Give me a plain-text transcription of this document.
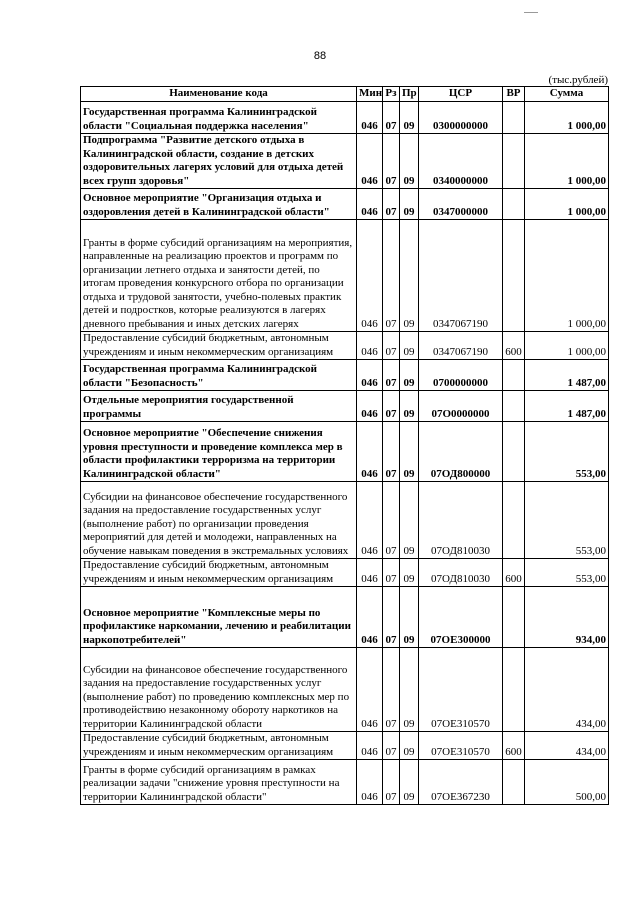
88
(тыс.рублей)
Наименование кода	Мин	Рз	Пр	ЦСР	ВР	Сумма
Государственная программа Калининградской области "Социальная поддержка населения"	046	07	09	0300000000		1 000,00
Подпрограмма "Развитие детского отдыха в Калининградской области, создание в детских оздоровительных лагерях условий для отдыха детей всех групп здоровья"	046	07	09	0340000000		1 000,00
Основное мероприятие "Организация отдыха и оздоровления детей в Калининградской области"	046	07	09	0347000000		1 000,00
Гранты в форме субсидий организациям на мероприятия, направленные на реализацию проектов и программ по организации летнего отдыха и занятости детей, по итогам проведения конкурсного отбора по организации отдыха и трудовой занятости, учебно-полевых практик детей и подростков, которые реализуются в лагерях дневного пребывания и иных детских лагерях	046	07	09	0347067190		1 000,00
Предоставление субсидий бюджетным, автономным учреждениям и иным некоммерческим организациям	046	07	09	0347067190	600	1 000,00
Государственная программа Калининградской области "Безопасность"	046	07	09	0700000000		1 487,00
Отдельные мероприятия государственной программы	046	07	09	07О0000000		1 487,00
Основное мероприятие "Обеспечение снижения уровня преступности и проведение комплекса мер в области профилактики терроризма на территории Калининградской области"	046	07	09	07ОД800000		553,00
Субсидии на финансовое обеспечение государственного задания на предоставление государственных услуг (выполнение работ) по организации проведения мероприятий для детей и молодежи, направленных на обучение навыкам поведения в экстремальных условиях	046	07	09	07ОД810030		553,00
Предоставление субсидий бюджетным, автономным учреждениям и иным некоммерческим организациям	046	07	09	07ОД810030	600	553,00
Основное мероприятие "Комплексные меры по профилактике наркомании, лечению и реабилитации наркопотребителей"	046	07	09	07ОЕ300000		934,00
Субсидии на финансовое обеспечение государственного задания на предоставление государственных услуг (выполнение работ) по проведению комплексных мер по противодействию незаконному обороту наркотиков на территории Калининградской области	046	07	09	07ОЕ310570		434,00
Предоставление субсидий бюджетным, автономным учреждениям и иным некоммерческим организациям	046	07	09	07ОЕ310570	600	434,00
Гранты в форме субсидий организациям в рамках реализации задачи "снижение уровня преступности на территории Калининградской области"	046	07	09	07ОЕ367230		500,00
